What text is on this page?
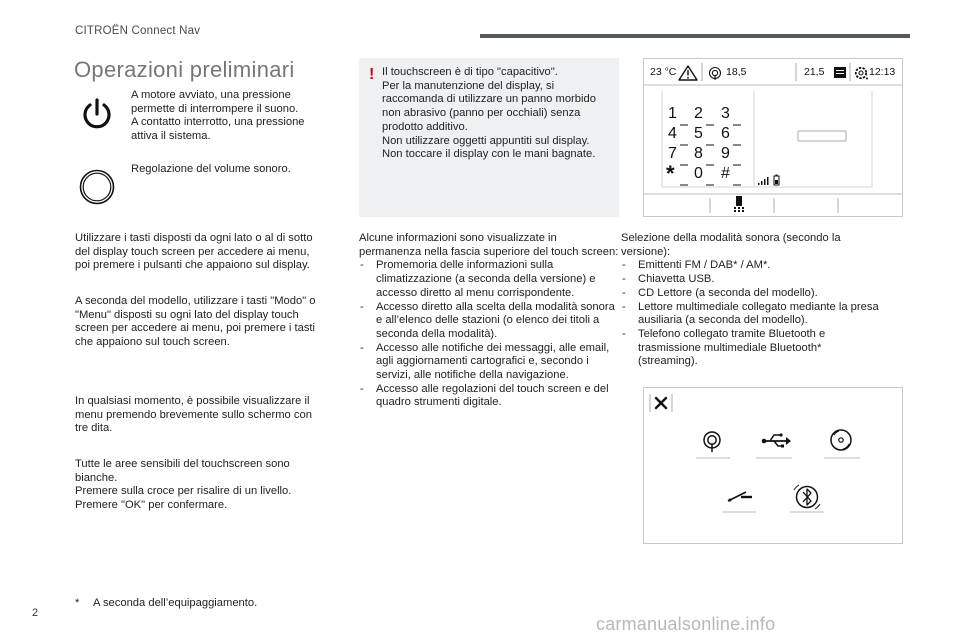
CITROËN Connect Nav
Operazioni preliminari
A motore avviato, una pressione permette di interrompere il suono.
A contatto interrotto, una pressione attiva il sistema.
Regolazione del volume sonoro.
Utilizzare i tasti disposti da ogni lato o al di sotto del display touch screen per accedere ai menu, poi premere i pulsanti che appaiono sul display.
A seconda del modello, utilizzare i tasti "Modo" o "Menu" disposti su ogni lato del display touch screen per accedere ai menu, poi premere i tasti che appaiono sul touch screen.
In qualsiasi momento, è possibile visualizzare il menu premendo brevemente sullo schermo con tre dita.
Tutte le aree sensibili del touchscreen sono bianche.
Premere sulla croce per risalire di un livello.
Premere "OK" per confermare.
* A seconda dell’equipaggiamento.
2
! Il touchscreen è di tipo "capacitivo".
Per la manutenzione del display, si raccomanda di utilizzare un panno morbido non abrasivo (panno per occhiali) senza prodotto additivo.
Non utilizzare oggetti appuntiti sul display.
Non toccare il display con le mani bagnate.
Alcune informazioni sono visualizzate in permanenza nella fascia superiore del touch screen:
- Promemoria delle informazioni sulla climatizzazione (a seconda della versione) e accesso diretto al menu corrispondente.
- Accesso diretto alla scelta della modalità sonora e all’elenco delle stazioni (o elenco dei titoli a seconda della modalità).
- Accesso alle notifiche dei messaggi, alle email, agli aggiornamenti cartografici e, secondo i servizi, alle notifiche della navigazione.
- Accesso alle regolazioni del touch screen e del quadro strumenti digitale.
Selezione della modalità sonora (secondo la versione):
- Emittenti FM / DAB* / AM*.
- Chiavetta USB.
- CD Lettore (a seconda del modello).
- Lettore multimediale collegato mediante la presa ausiliaria (a seconda del modello).
- Telefono collegato tramite Bluetooth e trasmissione multimediale Bluetooth* (streaming).
23 °C	18,5	21,5	12:13
1 2 3
4 5 6
7 8 9
* 0 #
carmanualsonline.info
